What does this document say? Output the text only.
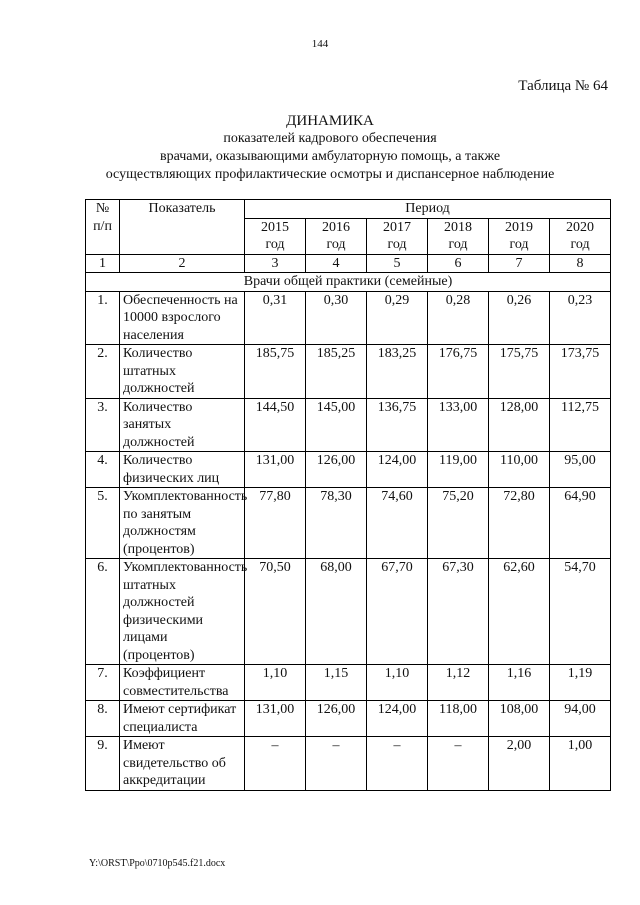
144
Таблица № 64
ДИНАМИКА
показателей кадрового обеспечения
врачами, оказывающими амбулаторную помощь, а также
осуществляющих профилактические осмотры и диспансерное наблюдение
№ п/п	Показатель	Период					
		2015 год	2016 год	2017 год	2018 год	2019 год	2020 год
1	2	3	4	5	6	7	8
Врачи общей практики (семейные)							
1.	Обеспеченность на 10000 взрослого населения	0,31	0,30	0,29	0,28	0,26	0,23
2.	Количество штатных должностей	185,75	185,25	183,25	176,75	175,75	173,75
3.	Количество занятых должностей	144,50	145,00	136,75	133,00	128,00	112,75
4.	Количество физических лиц	131,00	126,00	124,00	119,00	110,00	95,00
5.	Укомплектованность по занятым должностям (процентов)	77,80	78,30	74,60	75,20	72,80	64,90
6.	Укомплектованность штатных должностей физическими лицами (процентов)	70,50	68,00	67,70	67,30	62,60	54,70
7.	Коэффициент совместительства	1,10	1,15	1,10	1,12	1,16	1,19
8.	Имеют сертификат специалиста	131,00	126,00	124,00	118,00	108,00	94,00
9.	Имеют свидетельство об аккредитации	–	–	–	–	2,00	1,00
Y:\ORST\Ppo\0710p545.f21.docx
